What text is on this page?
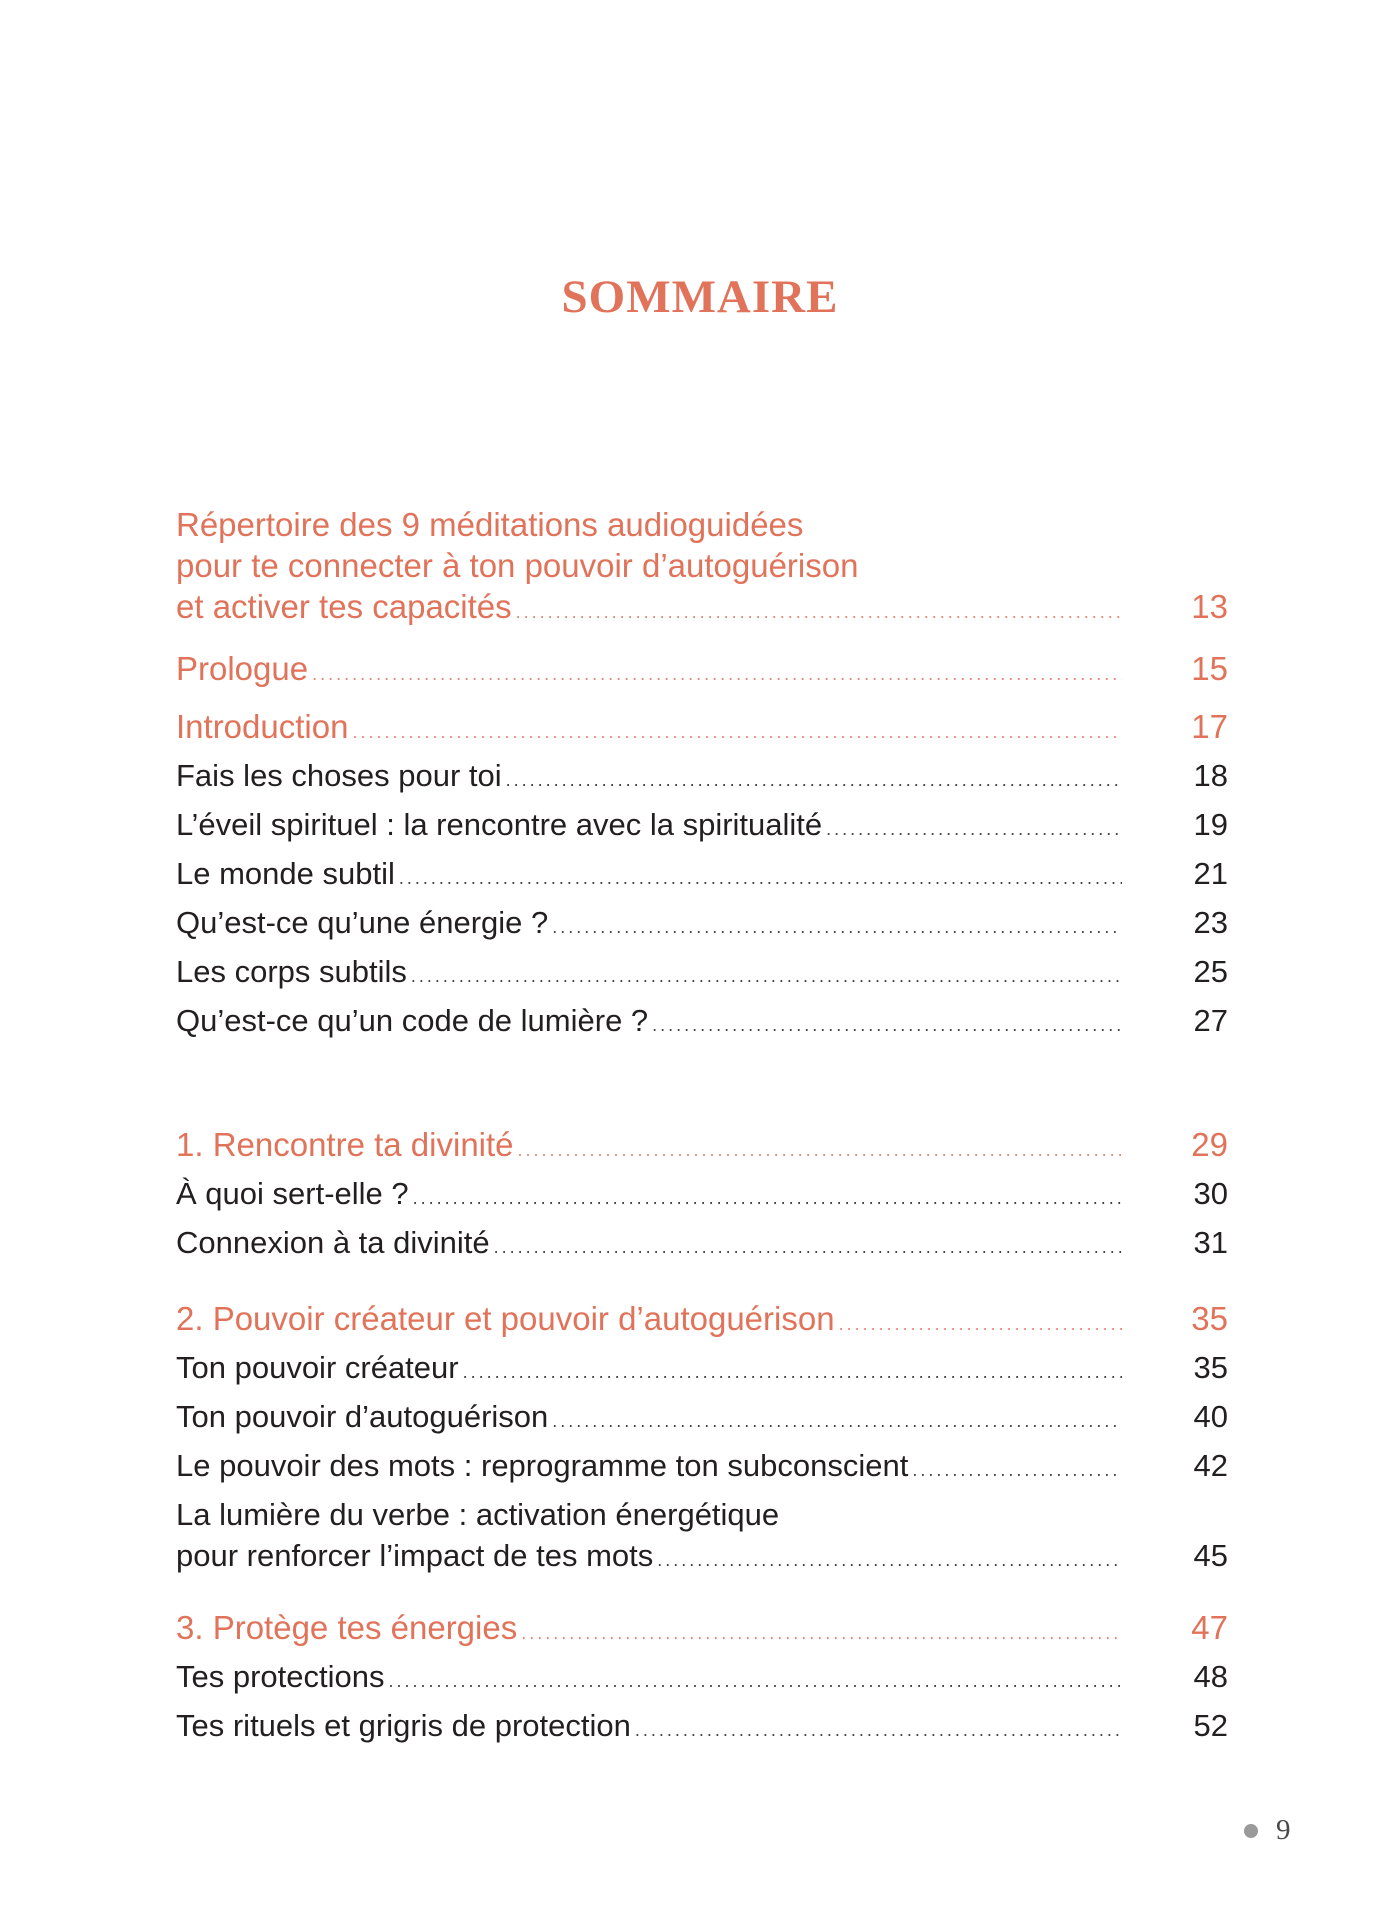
SOMMAIRE
Répertoire des 9 méditations audioguidées
pour te connecter à ton pouvoir d’autoguérison
et activer tes capacités .....	13
Prologue .....	15
Introduction .....	17
Fais les choses pour toi .....	18
L’éveil spirituel : la rencontre avec la spiritualité .....	19
Le monde subtil .....	21
Qu’est-ce qu’une énergie ? .....	23
Les corps subtils .....	25
Qu’est-ce qu’un code de lumière ? .....	27
1. Rencontre ta divinité .....	29
À quoi sert-elle ? .....	30
Connexion à ta divinité .....	31
2. Pouvoir créateur et pouvoir d’autoguérison .....	35
Ton pouvoir créateur .....	35
Ton pouvoir d’autoguérison .....	40
Le pouvoir des mots : reprogramme ton subconscient .....	42
La lumière du verbe : activation énergétique
pour renforcer l’impact de tes mots .....	45
3. Protège tes énergies .....	47
Tes protections .....	48
Tes rituels et grigris de protection .....	52
9
